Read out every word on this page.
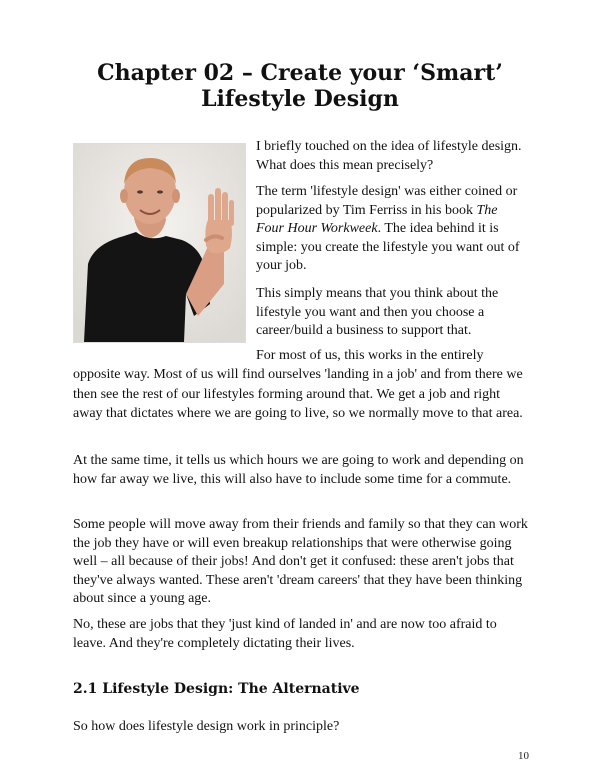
Chapter 02 – Create your ‘Smart’
Lifestyle Design

I briefly touched on the idea of lifestyle design. What does this mean precisely?

The term 'lifestyle design' was either coined or popularized by Tim Ferriss in his book The Four Hour Workweek. The idea behind it is simple: you create the lifestyle you want out of your job.

This simply means that you think about the lifestyle you want and then you choose a career/build a business to support that.

For most of us, this works in the entirely

opposite way. Most of us will find ourselves 'landing in a job' and from there we then see the rest of our lifestyles forming around that. We get a job and right away that dictates where we are going to live, so we normally move to that area.

At the same time, it tells us which hours we are going to work and depending on how far away we live, this will also have to include some time for a commute.

Some people will move away from their friends and family so that they can work the job they have or will even breakup relationships that were otherwise going well – all because of their jobs! And don't get it confused: these aren't jobs that they've always wanted. These aren't 'dream careers' that they have been thinking about since a young age.

No, these are jobs that they 'just kind of landed in' and are now too afraid to leave. And they're completely dictating their lives.

2.1 Lifestyle Design: The Alternative

So how does lifestyle design work in principle?

10
